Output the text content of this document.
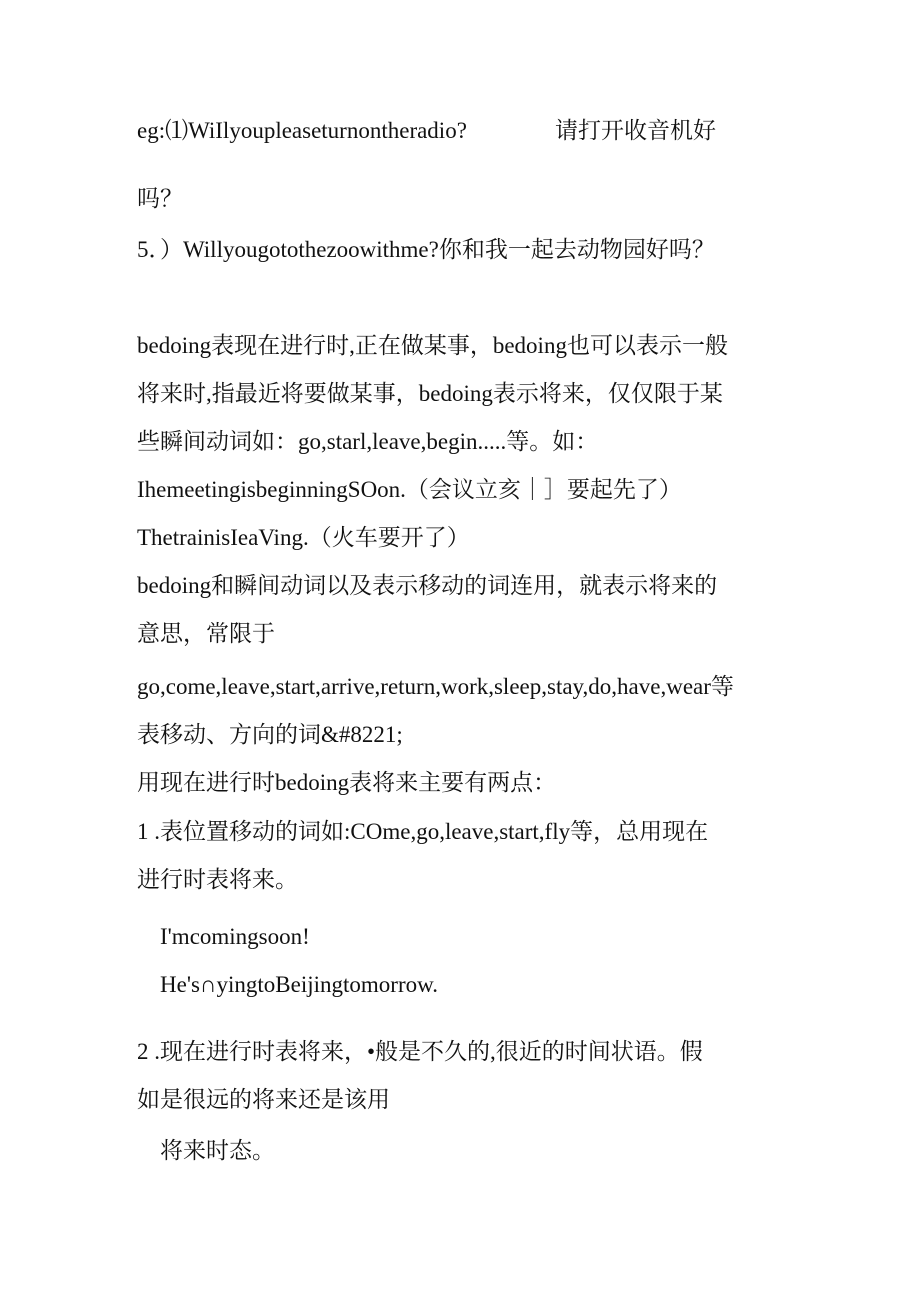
eg:⑴WiIlyoupleaseturnontheradio?	请打开收音机好
吗？
5．）Willyougotothezoowithme?你和我一起去动物园好吗？
bedoing表现在进行时,正在做某事，bedoing也可以表示一般
将来时,指最近将要做某事，bedoing表示将来，仅仅限于某
些瞬间动词如：go,starl,leave,begin.....等。如：
IhemeetingisbeginningSOon.（会议立亥｜］要起先了）
ThetrainisIeaVing.（火车要开了）
bedoing和瞬间动词以及表示移动的词连用，就表示将来的
意思，常限于
go,come,leave,start,arrive,return,work,sleep,stay,do,have,wear等
表移动、方向的词&#8221;
用现在进行时bedoing表将来主要有两点：
1 .表位置移动的词如:COme,go,leave,start,fly等，总用现在
进行时表将来。
I'mcomingsoon!
He's∩yingtoBeijingtomorrow.
2 .现在进行时表将来，•般是不久的,很近的时间状语。假
如是很远的将来还是该用
将来时态。
